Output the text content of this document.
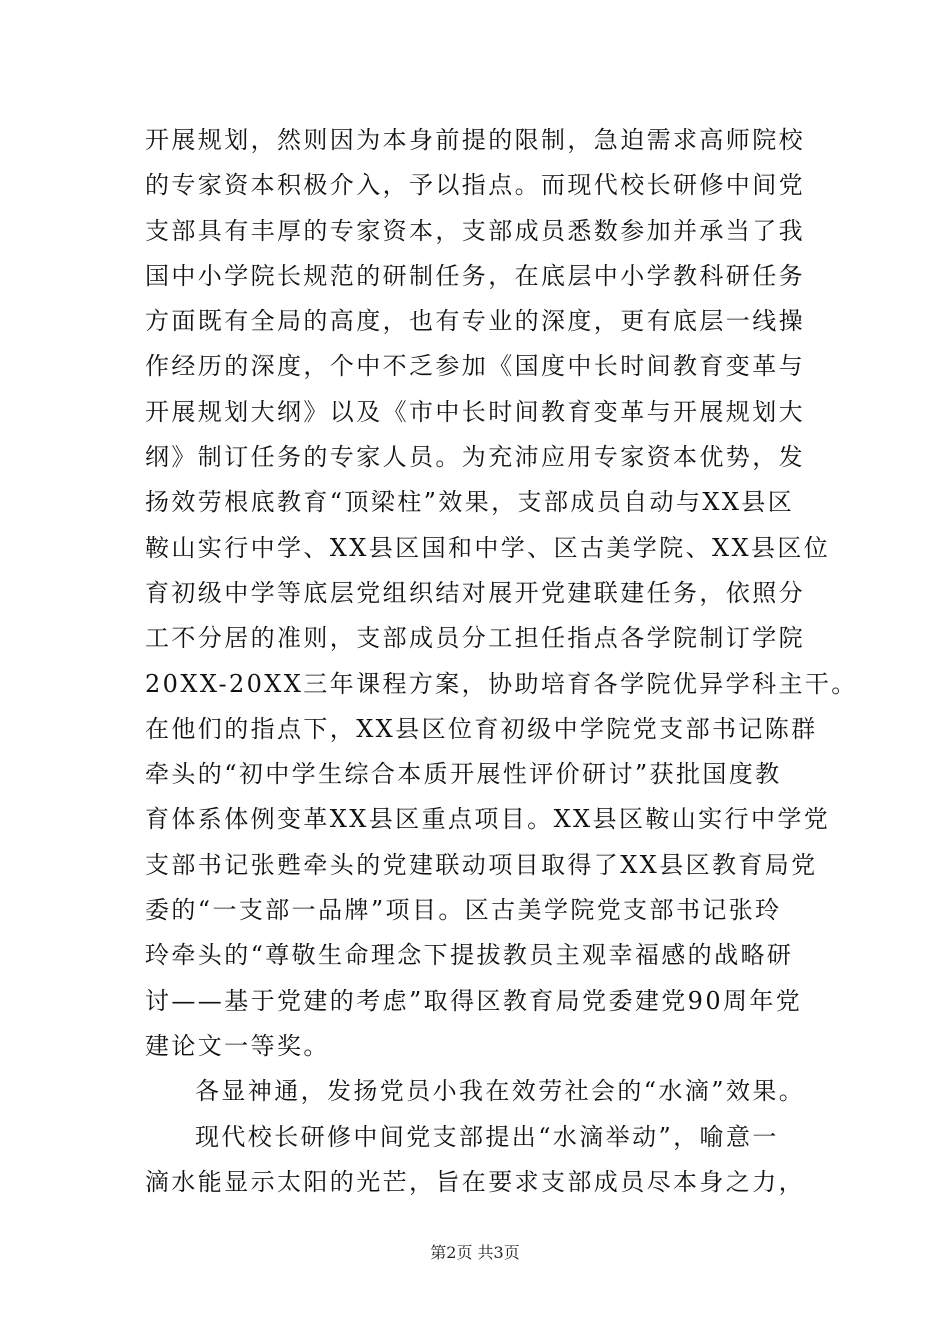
开展规划，然则因为本身前提的限制，急迫需求高师院校
的专家资本积极介入，予以指点。而现代校长研修中间党
支部具有丰厚的专家资本，支部成员悉数参加并承当了我
国中小学院长规范的研制任务，在底层中小学教科研任务
方面既有全局的高度，也有专业的深度，更有底层一线操
作经历的深度，个中不乏参加《国度中长时间教育变革与
开展规划大纲》以及《市中长时间教育变革与开展规划大
纲》制订任务的专家人员。为充沛应用专家资本优势，发
扬效劳根底教育“顶梁柱”效果，支部成员自动与XX县区
鞍山实行中学、XX县区国和中学、区古美学院、XX县区位
育初级中学等底层党组织结对展开党建联建任务，依照分
工不分居的准则，支部成员分工担任指点各学院制订学院
20XX-20XX三年课程方案，协助培育各学院优异学科主干。
在他们的指点下，XX县区位育初级中学院党支部书记陈群
牵头的“初中学生综合本质开展性评价研讨”获批国度教
育体系体例变革XX县区重点项目。XX县区鞍山实行中学党
支部书记张甦牵头的党建联动项目取得了XX县区教育局党
委的“一支部一品牌”项目。区古美学院党支部书记张玲
玲牵头的“尊敬生命理念下提拔教员主观幸福感的战略研
讨——基于党建的考虑”取得区教育局党委建党90周年党
建论文一等奖。
各显神通，发扬党员小我在效劳社会的“水滴”效果。
现代校长研修中间党支部提出“水滴举动”，喻意一
滴水能显示太阳的光芒，旨在要求支部成员尽本身之力，
第2页 共3页
